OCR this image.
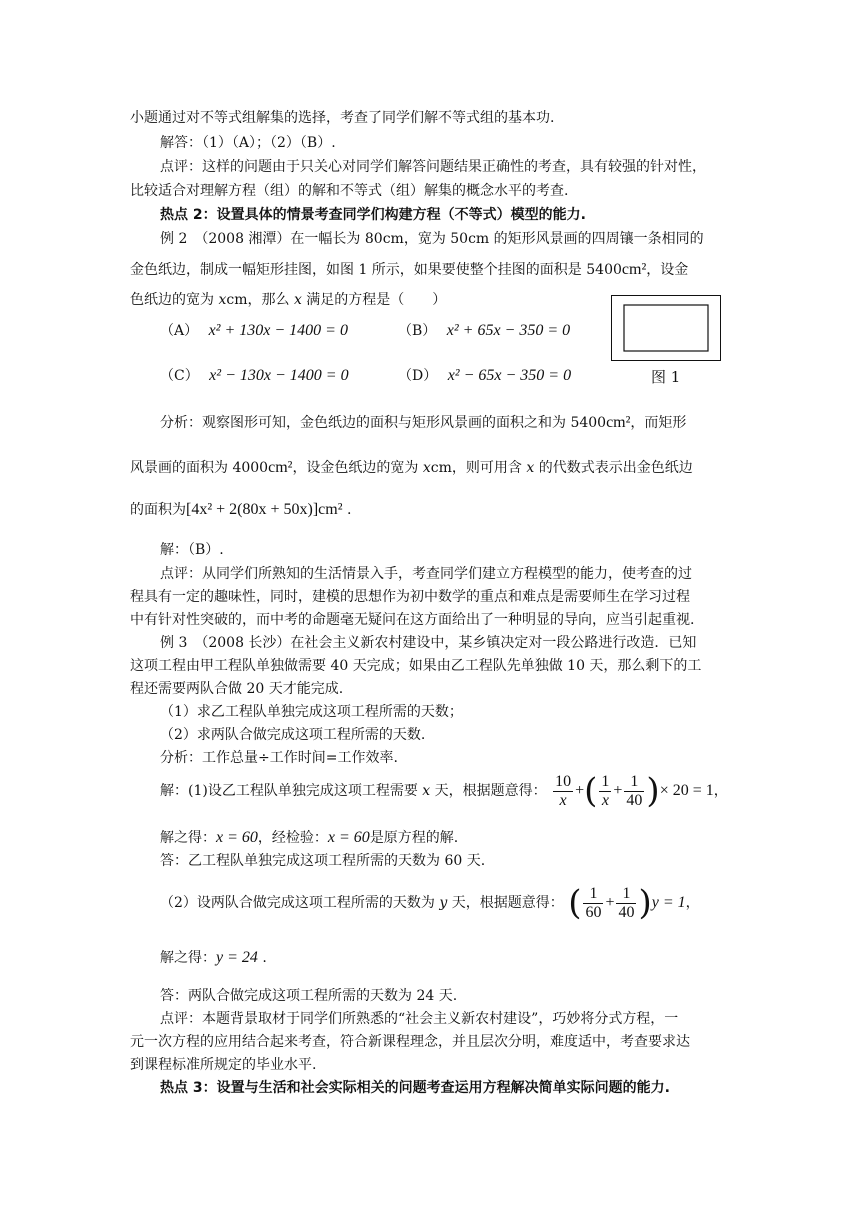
小题通过对不等式组解集的选择，考查了同学们解不等式组的基本功.
解答：（1）（A）；（2）（B）.
点评：这样的问题由于只关心对同学们解答问题结果正确性的考查，具有较强的针对性，
比较适合对理解方程（组）的解和不等式（组）解集的概念水平的考查.
热点 2：设置具体的情景考查同学们构建方程（不等式）模型的能力.
例 2　（2008 湘潭）在一幅长为 80cm，宽为 50cm 的矩形风景画的四周镶一条相同的
金色纸边，制成一幅矩形挂图，如图 1 所示，如果要使整个挂图的面积是 5400cm²，设金
色纸边的宽为 xcm，那么 x 满足的方程是（　　）
（A） x² + 130x − 1400 = 0	（B） x² + 65x − 350 = 0
（C） x² − 130x − 1400 = 0	（D） x² − 65x − 350 = 0	图 1
分析：观察图形可知，金色纸边的面积与矩形风景画的面积之和为 5400cm²，而矩形
风景画的面积为 4000cm²，设金色纸边的宽为 xcm，则可用含 x 的代数式表示出金色纸边
的面积为[4x² + 2(80x + 50x)]cm² .
解：（B）.
点评：从同学们所熟知的生活情景入手，考查同学们建立方程模型的能力，使考查的过
程具有一定的趣味性，同时，建模的思想作为初中数学的重点和难点是需要师生在学习过程
中有针对性突破的，而中考的命题毫无疑问在这方面给出了一种明显的导向，应当引起重视.
例 3　（2008 长沙）在社会主义新农村建设中，某乡镇决定对一段公路进行改造．已知
这项工程由甲工程队单独做需要 40 天完成；如果由乙工程队先单独做 10 天，那么剩下的工
程还需要两队合做 20 天才能完成.
（1）求乙工程队单独完成这项工程所需的天数；
（2）求两队合做完成这项工程所需的天数.
分析：工作总量÷工作时间=工作效率.
解：(1)设乙工程队单独完成这项工程需要 x 天，根据题意得： $\frac{10}{x}$ +( $\frac{1}{x} + \frac{1}{40}$ )× 20 = 1，
解之得：x = 60，经检验：x = 60是原方程的解.
答：乙工程队单独完成这项工程所需的天数为 60 天.
（2）设两队合做完成这项工程所需的天数为 y 天，根据题意得： ( $\frac{1}{60} + \frac{1}{40} )y = 1$，
解之得：y = 24 .
答：两队合做完成这项工程所需的天数为 24 天.
点评：本题背景取材于同学们所熟悉的“社会主义新农村建设”，巧妙将分式方程，一
元一次方程的应用结合起来考查，符合新课程理念，并且层次分明，难度适中，考查要求达
到课程标准所规定的毕业水平.
热点 3：设置与生活和社会实际相关的问题考查运用方程解决简单实际问题的能力.
